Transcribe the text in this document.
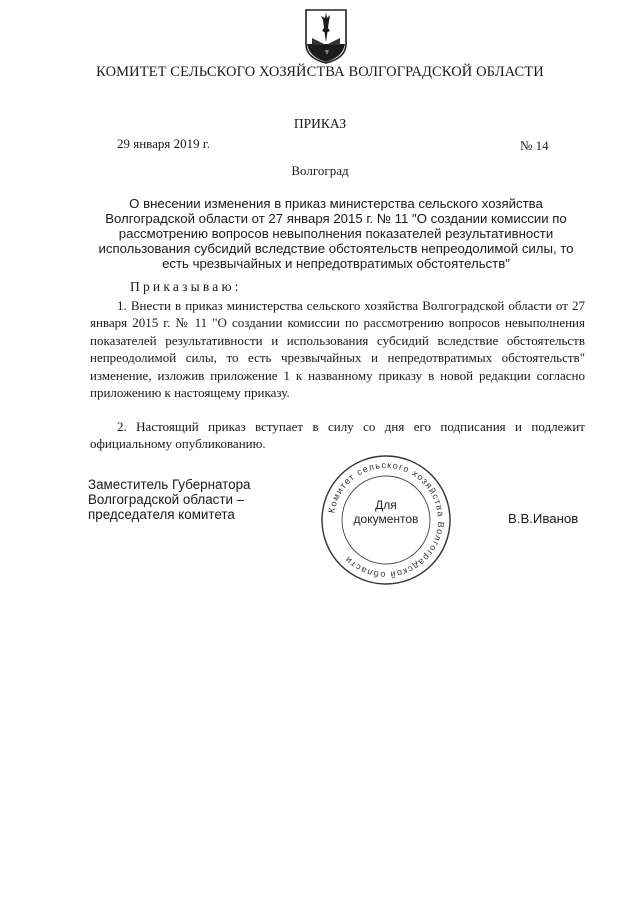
КОМИТЕТ СЕЛЬСКОГО ХОЗЯЙСТВА ВОЛГОГРАДСКОЙ ОБЛАСТИ
ПРИКАЗ
29 января 2019 г.	№ 14
Волгоград
О внесении изменения в приказ министерства сельского хозяйства Волгоградской области от 27 января 2015 г. № 11 "О создании комиссии по рассмотрению вопросов невыполнения показателей результативности использования субсидий вследствие обстоятельств непреодолимой силы, то есть чрезвычайных и непредотвратимых обстоятельств"
Приказываю:
1. Внести в приказ министерства сельского хозяйства Волгоградской области от 27 января 2015 г. № 11 "О создании комиссии по рассмотрению вопросов невыполнения показателей результативности и использования субсидий вследствие обстоятельств непреодолимой силы, то есть чрезвычайных и непредотвратимых обстоятельств" изменение, изложив приложение 1 к названному приказу в новой редакции согласно приложению к настоящему приказу.
2. Настоящий приказ вступает в силу со дня его подписания и подлежит официальному опубликованию.
Заместитель Губернатора
Волгоградской области –
председателя комитета	Комитет сельского хозяйства Волгоградской области
Для
документов	В.В.Иванов
